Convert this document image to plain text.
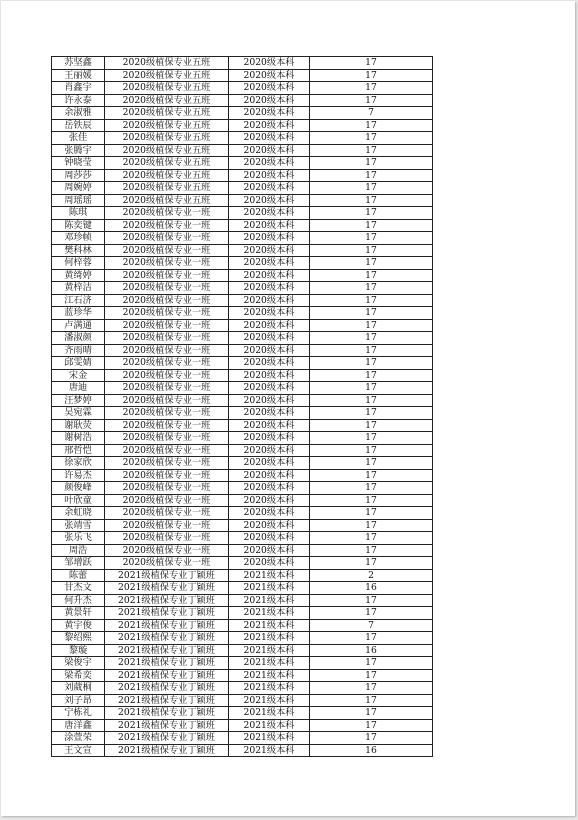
苏坚鑫	2020级植保专业五班	2020级本科	17
王丽媛	2020级植保专业五班	2020级本科	17
肖鑫宇	2020级植保专业五班	2020级本科	17
许永泰	2020级植保专业五班	2020级本科	17
余淑雅	2020级植保专业五班	2020级本科	7
岳铁辰	2020级植保专业五班	2020级本科	17
张佳	2020级植保专业五班	2020级本科	17
张腾宇	2020级植保专业五班	2020级本科	17
钟晓莹	2020级植保专业五班	2020级本科	17
周莎莎	2020级植保专业五班	2020级本科	17
周婉婷	2020级植保专业五班	2020级本科	17
周瑶瑶	2020级植保专业五班	2020级本科	17
陈琪	2020级植保专业一班	2020级本科	17
陈奕键	2020级植保专业一班	2020级本科	17
邓珍帧	2020级植保专业一班	2020级本科	17
樊科林	2020级植保专业一班	2020级本科	17
何梓蓉	2020级植保专业一班	2020级本科	17
黄绮婷	2020级植保专业一班	2020级本科	17
黄梓洁	2020级植保专业一班	2020级本科	17
江石济	2020级植保专业一班	2020级本科	17
蓝珍华	2020级植保专业一班	2020级本科	17
卢满通	2020级植保专业一班	2020级本科	17
潘淑颜	2020级植保专业一班	2020级本科	17
齐雨晴	2020级植保专业一班	2020级本科	17
邱雯婧	2020级植保专业一班	2020级本科	17
宋金	2020级植保专业一班	2020级本科	17
唐迪	2020级植保专业一班	2020级本科	17
汪梦婷	2020级植保专业一班	2020级本科	17
吴宛霖	2020级植保专业一班	2020级本科	17
谢耿荧	2020级植保专业一班	2020级本科	17
谢树浩	2020级植保专业一班	2020级本科	17
邢哲恺	2020级植保专业一班	2020级本科	17
徐家欣	2020级植保专业一班	2020级本科	17
许易杰	2020级植保专业一班	2020级本科	17
颜俊峰	2020级植保专业一班	2020级本科	17
叶欣童	2020级植保专业一班	2020级本科	17
余虹晓	2020级植保专业一班	2020级本科	17
张靖雪	2020级植保专业一班	2020级本科	17
张乐飞	2020级植保专业一班	2020级本科	17
周浩	2020级植保专业一班	2020级本科	17
邹增跃	2020级植保专业一班	2020级本科	17
陈蕾	2021级植保专业丁颖班	2021级本科	2
甘杰文	2021级植保专业丁颖班	2021级本科	16
何升杰	2021级植保专业丁颖班	2021级本科	17
黄景轩	2021级植保专业丁颖班	2021级本科	17
黄宇俊	2021级植保专业丁颖班	2021级本科	7
黎绍熙	2021级植保专业丁颖班	2021级本科	17
黎璇	2021级植保专业丁颖班	2021级本科	16
梁俊宇	2021级植保专业丁颖班	2021级本科	17
梁希奕	2021级植保专业丁颖班	2021级本科	17
刘葳桐	2021级植保专业丁颖班	2021级本科	17
刘子昂	2021级植保专业丁颖班	2021级本科	17
宁栋礼	2021级植保专业丁颖班	2021级本科	17
唐洋鑫	2021级植保专业丁颖班	2021级本科	17
涂萱荣	2021级植保专业丁颖班	2021级本科	17
王文宣	2021级植保专业丁颖班	2021级本科	16
